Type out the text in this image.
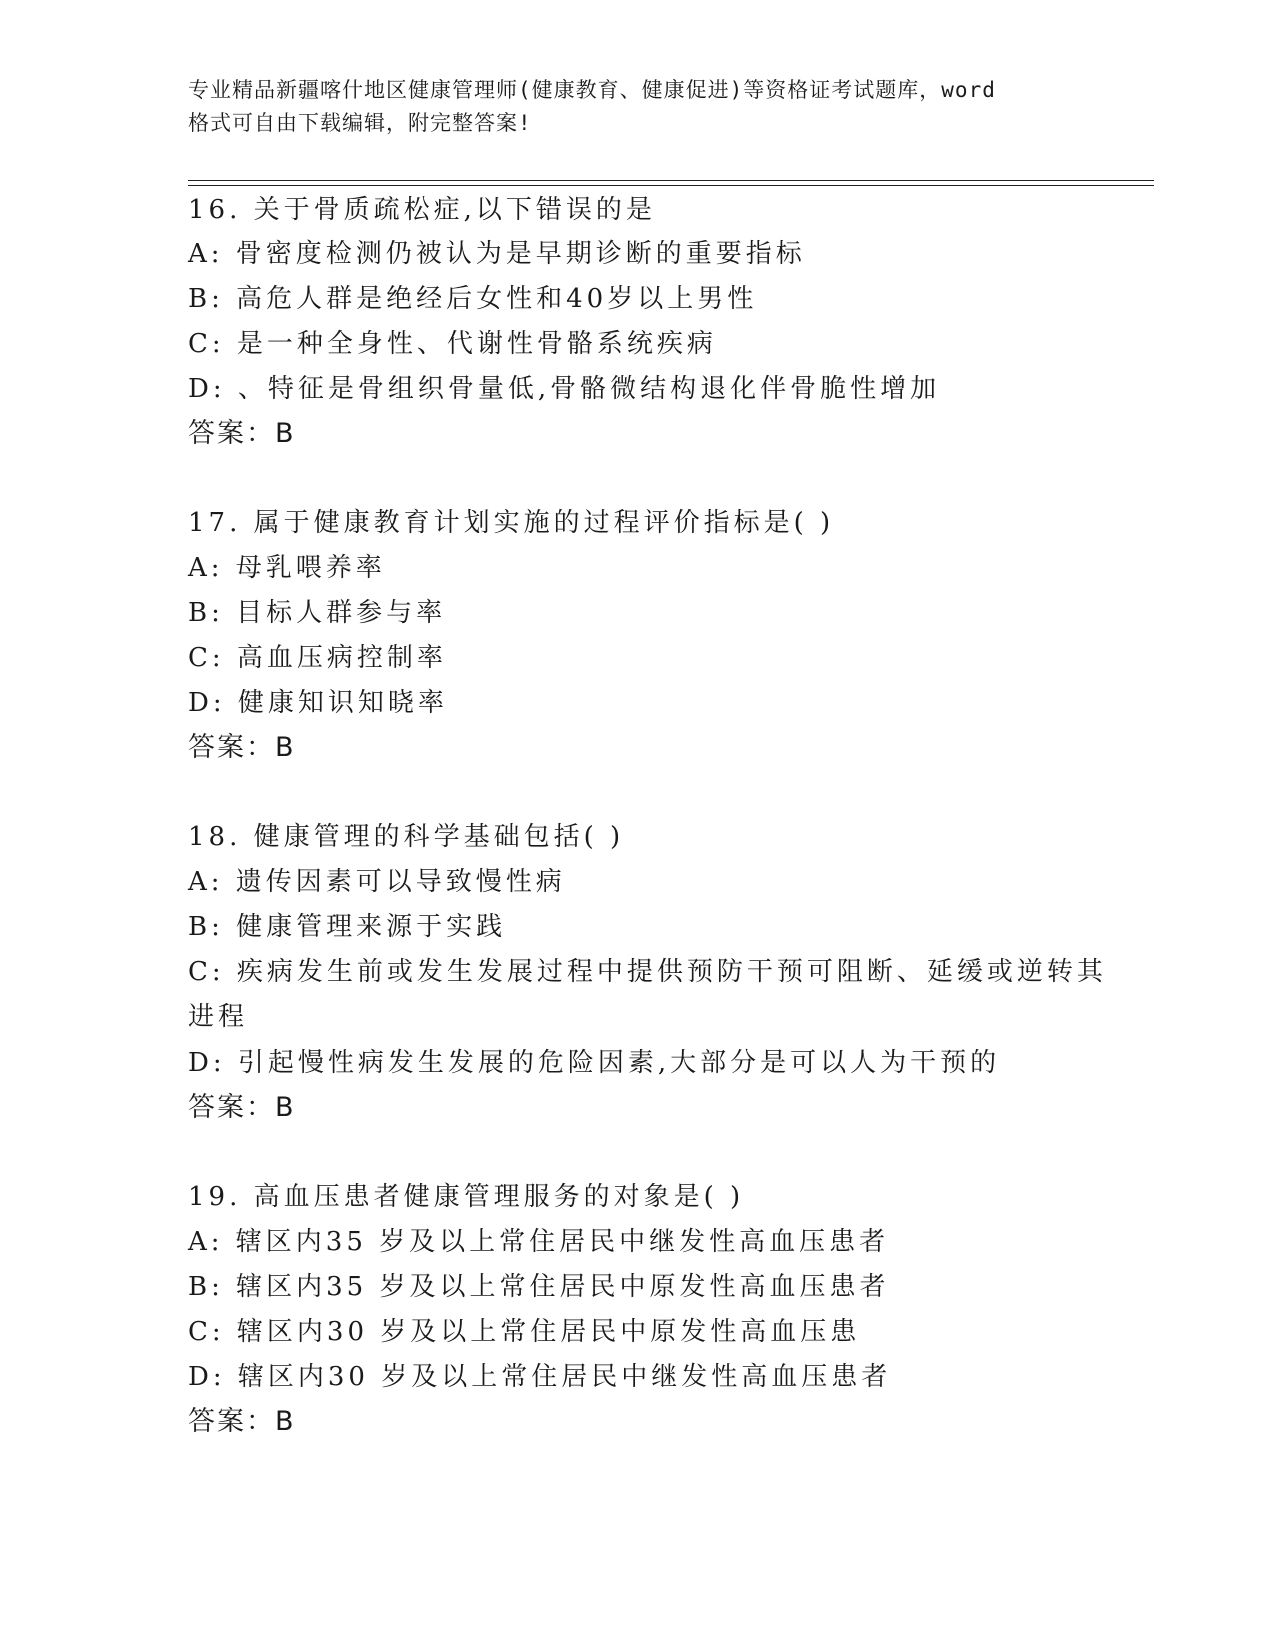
专业精品新疆喀什地区健康管理师(健康教育、健康促进)等资格证考试题库，word
格式可自由下载编辑，附完整答案!
16. 关于骨质疏松症,以下错误的是
A: 骨密度检测仍被认为是早期诊断的重要指标
B: 高危人群是绝经后女性和40岁以上男性
C: 是一种全身性、代谢性骨骼系统疾病
D: 、特征是骨组织骨量低,骨骼微结构退化伴骨脆性增加
答案：B
17. 属于健康教育计划实施的过程评价指标是( )
A: 母乳喂养率
B: 目标人群参与率
C: 高血压病控制率
D: 健康知识知晓率
答案：B
18. 健康管理的科学基础包括( )
A: 遗传因素可以导致慢性病
B: 健康管理来源于实践
C: 疾病发生前或发生发展过程中提供预防干预可阻断、延缓或逆转其
进程
D: 引起慢性病发生发展的危险因素,大部分是可以人为干预的
答案：B
19. 高血压患者健康管理服务的对象是( )
A: 辖区内35 岁及以上常住居民中继发性高血压患者
B: 辖区内35 岁及以上常住居民中原发性高血压患者
C: 辖区内30 岁及以上常住居民中原发性高血压患
D: 辖区内30 岁及以上常住居民中继发性高血压患者
答案：B
